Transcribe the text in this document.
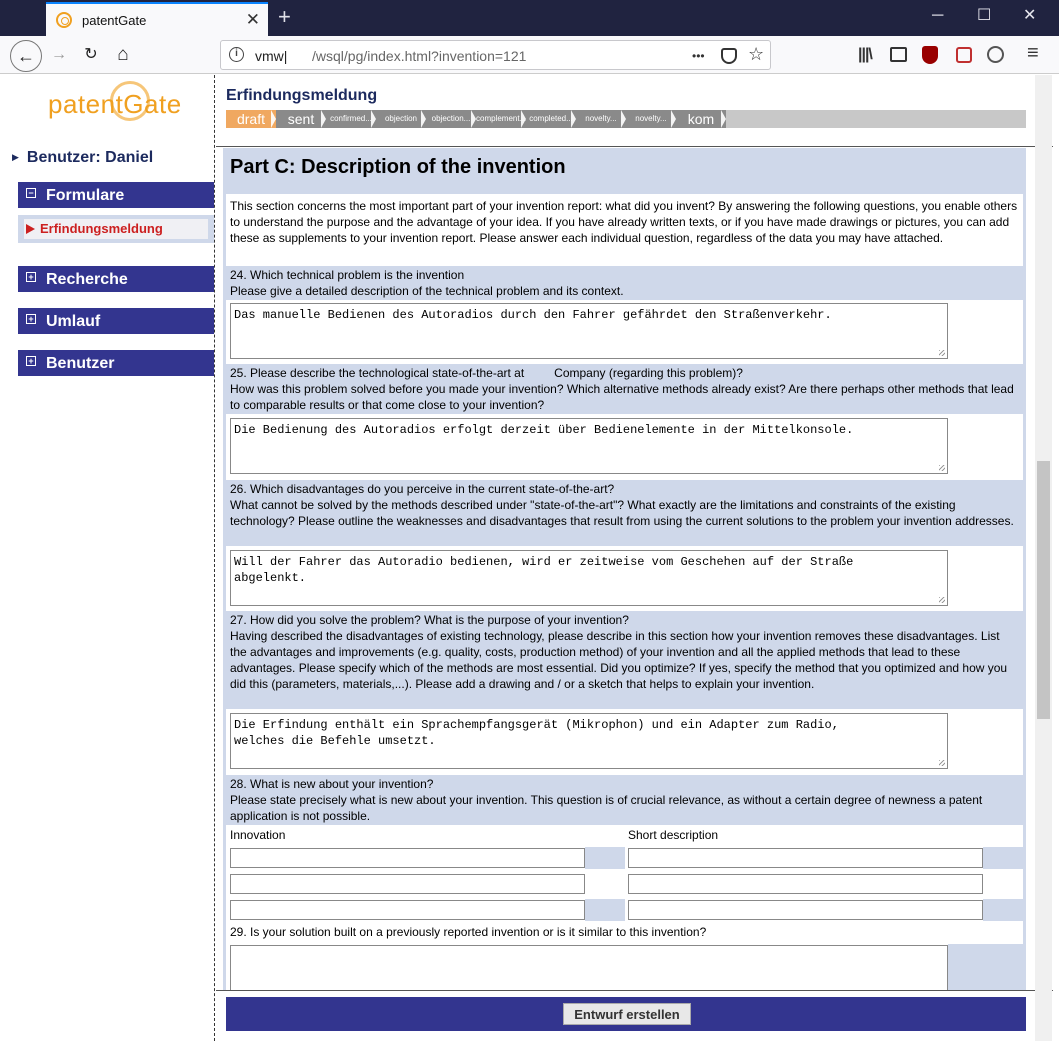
patentGate	✕ +	─ ☐ ✕
←	→ ↻ ⌂	i	vmw| /wsql/pg/index.html?invention=121	••• ☆	|||\	≡
patentGate
▶ Benutzer: Daniel
− Formulare
Erfindungsmeldung
+ Recherche
+ Umlauf
+ Benutzer
Erfindungsmeldung
draft	sent	confirmed...	objection	objection... complement... completed...	novelty...	novelty...	kom
Part C: Description of the invention
This section concerns the most important part of your invention report: what did you invent? By answering the following questions, you enable others to understand the purpose and the advantage of your idea. If you have already written texts, or if you have made drawings or pictures, you can add these as supplements to your invention report. Please answer each individual question, regardless of the data you may have attached.
24. Which technical problem is the invention
Please give a detailed description of the technical problem and its context.
Das manuelle Bedienen des Autoradios durch den Fahrer gefährdet den Straßenverkehr.
25. Please describe the technological state-of-the-art at         Company (regarding this problem)?
How was this problem solved before you made your invention? Which alternative methods already exist? Are there perhaps other methods that lead to comparable results or that come close to your invention?
Die Bedienung des Autoradios erfolgt derzeit über Bedienelemente in der Mittelkonsole.
26. Which disadvantages do you perceive in the current state-of-the-art?
What cannot be solved by the methods described under "state-of-the-art"? What exactly are the limitations and constraints of the existing technology? Please outline the weaknesses and disadvantages that result from using the current solutions to the problem your invention addresses.
Will der Fahrer das Autoradio bedienen, wird er zeitweise vom Geschehen auf der Straße
abgelenkt.
27. How did you solve the problem? What is the purpose of your invention?
Having described the disadvantages of existing technology, please describe in this section how your invention removes these disadvantages. List the advantages and improvements (e.g. quality, costs, production method) of your invention and all the applied methods that lead to these advantages. Please specify which of the methods are most essential. Did you optimize? If yes, specify the method that you optimized and how you did this (parameters, materials,...). Please add a drawing and / or a sketch that helps to explain your invention.
Die Erfindung enthält ein Sprachempfangsgerät (Mikrophon) und ein Adapter zum Radio,
welches die Befehle umsetzt.
28. What is new about your invention?
Please state precisely what is new about your invention. This question is of crucial relevance, as without a certain degree of newness a patent application is not possible.
Innovation	Short description
29. Is your solution built on a previously reported invention or is it similar to this invention?
Entwurf erstellen
